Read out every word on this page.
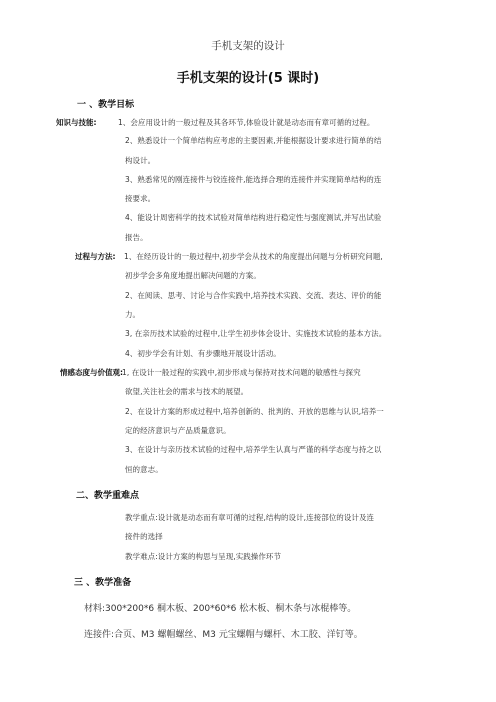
手机支架的设计
手机支架的设计(5 课时)
一 、教学目标
知识与技能:	1、会应用设计的一般过程及其各环节,体验设计就是动态而有章可循的过程。
2、熟悉设计一个简单结构应考虑的主要因素,并能根据设计要求进行简单的结
构设计。
3、熟悉常见的刚连接件与铰连接件,能选择合理的连接件并实现简单结构的连
接要求。
4、能设计周密科学的技术试验对简单结构进行稳定性与强度测试,并写出试验
报告。
过程与方法: 1、在经历设计的一般过程中,初步学会从技术的角度提出问题与分析研究问题,
初步学会多角度地提出解决问题的方案。
2、在阅读、思考、讨论与合作实践中,培养技术实践、交流、表达、评价的能
力。
3, 在亲历技术试验的过程中,让学生初步体会设计、实施技术试验的基本方法。
4、初步学会有计划、有步骤地开展设计活动。
情感态度与价值观: 1, 在设计一般过程的实践中,初步形成与保持对技术问题的敏感性与探究
欲望,关注社会的需求与技术的展望。
2、在设计方案的形成过程中,培养创新的、批判的、开放的思维与认识,培养一
定的经济意识与产品质量意识。
3、在设计与亲历技术试验的过程中,培养学生认真与严谨的科学态度与持之以
恒的意志。
二、教学重难点
教学重点:设计就是动态而有章可循的过程,结构的设计,连接部位的设计及连
接件的选择
教学难点:设计方案的构思与呈现,实践操作环节
三 、教学准备
材料:300*200*6 桐木板、200*60*6 松木板、桐木条与冰棍棒等。
连接件:合页、M3 螺帽螺丝、M3 元宝螺帽与螺杆、木工胶、洋钉等。
